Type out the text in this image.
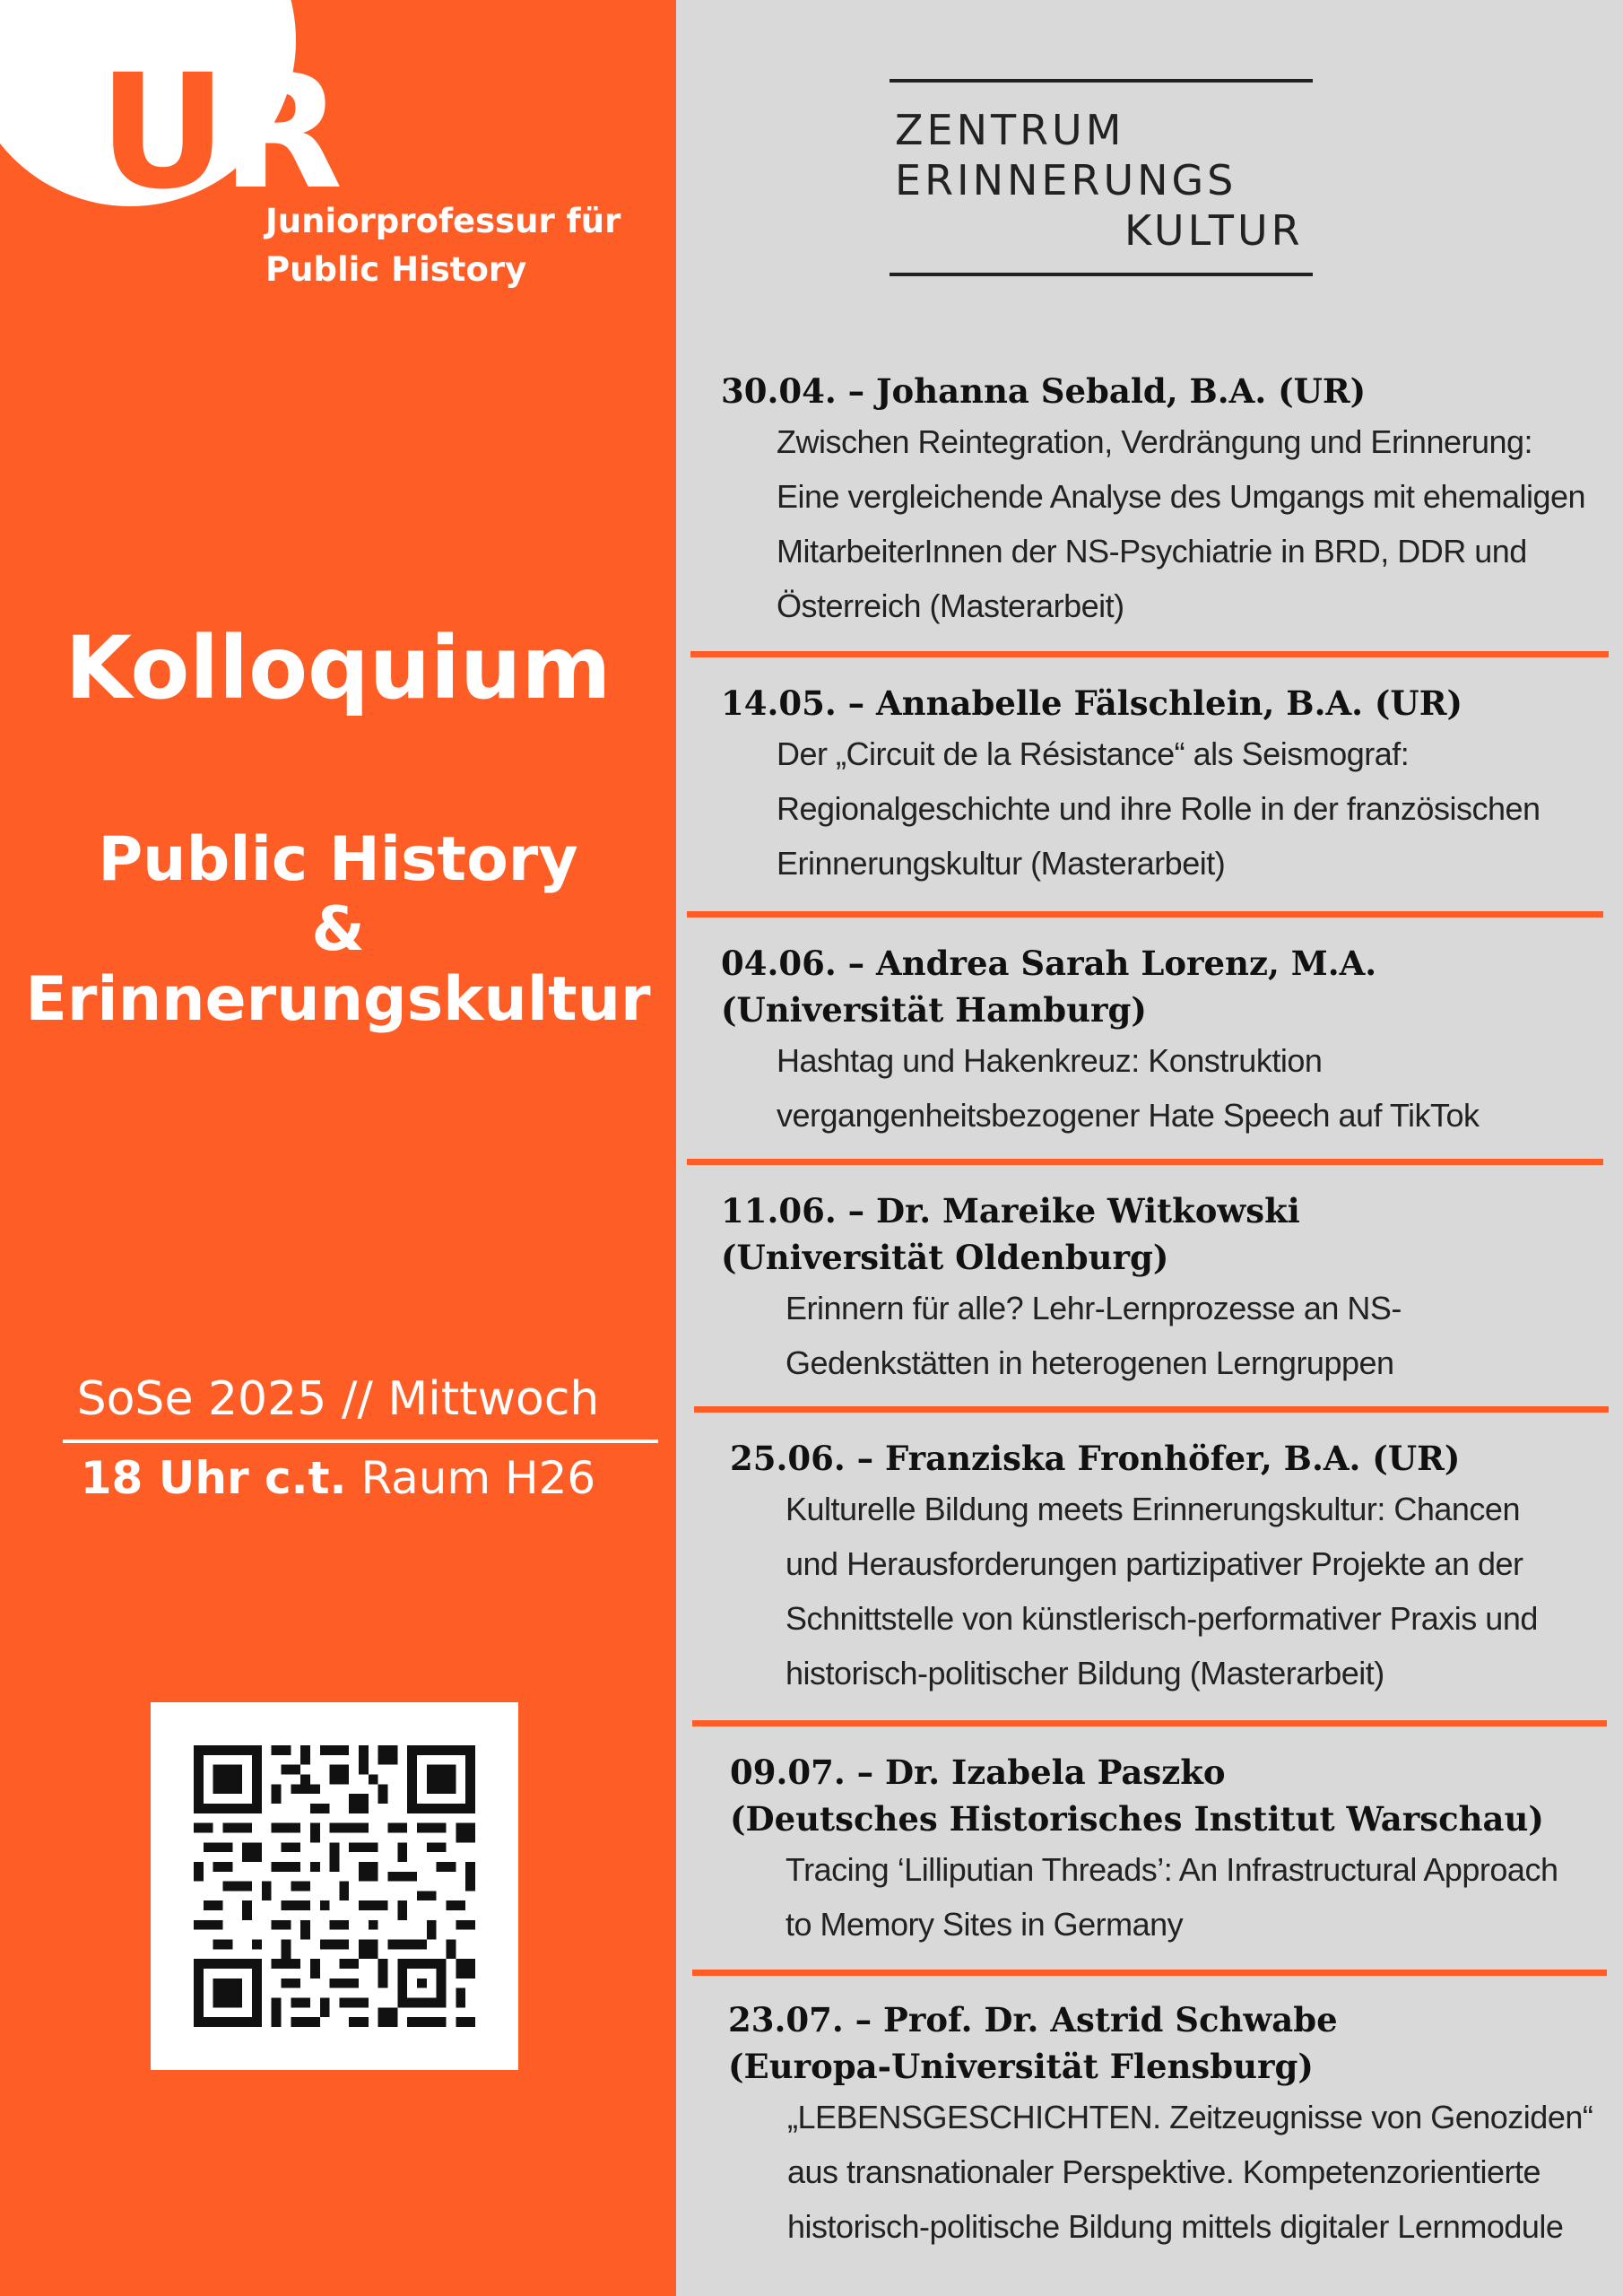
UR
Juniorprofessur für
Public History
Kolloquium
Public History
&
Erinnerungskultur
SoSe 2025 // Mittwoch
18 Uhr c.t. Raum H26
ZENTRUM
ERINNERUNGS
KULTUR
30.04. – Johanna Sebald, B.A. (UR)
Zwischen Reintegration, Verdrängung und Erinnerung:
Eine vergleichende Analyse des Umgangs mit ehemaligen
MitarbeiterInnen der NS-Psychiatrie in BRD, DDR und
Österreich (Masterarbeit)
14.05. – Annabelle Fälschlein, B.A. (UR)
Der „Circuit de la Résistance“ als Seismograf:
Regionalgeschichte und ihre Rolle in der französischen
Erinnerungskultur (Masterarbeit)
04.06. – Andrea Sarah Lorenz, M.A.
(Universität Hamburg)
Hashtag und Hakenkreuz: Konstruktion
vergangenheitsbezogener Hate Speech auf TikTok
11.06. – Dr. Mareike Witkowski
(Universität Oldenburg)
Erinnern für alle? Lehr-Lernprozesse an NS-
Gedenkstätten in heterogenen Lerngruppen
25.06. – Franziska Fronhöfer, B.A. (UR)
Kulturelle Bildung meets Erinnerungskultur: Chancen
und Herausforderungen partizipativer Projekte an der
Schnittstelle von künstlerisch-performativer Praxis und
historisch-politischer Bildung (Masterarbeit)
09.07. – Dr. Izabela Paszko
(Deutsches Historisches Institut Warschau)
Tracing ‘Lilliputian Threads’: An Infrastructural Approach
to Memory Sites in Germany
23.07. – Prof. Dr. Astrid Schwabe
(Europa-Universität Flensburg)
„LEBENSGESCHICHTEN. Zeitzeugnisse von Genoziden“
aus transnationaler Perspektive. Kompetenzorientierte
historisch-politische Bildung mittels digitaler Lernmodule
